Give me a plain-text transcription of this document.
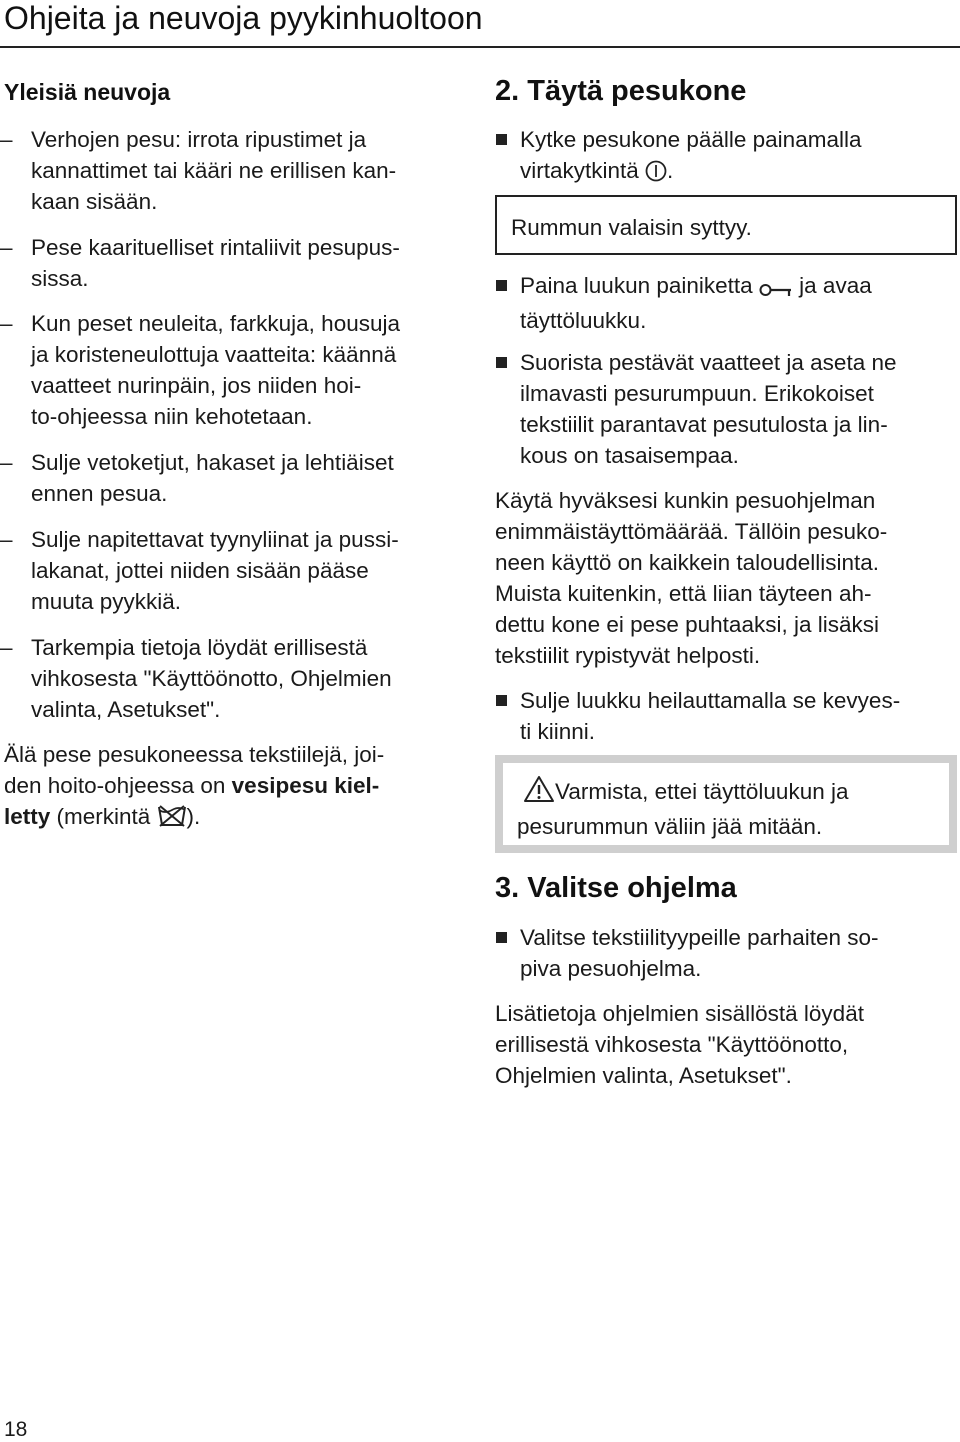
Ohjeita ja neuvoja pyykinhuoltoon
Yleisiä neuvoja
– Verhojen pesu: irrota ripustimet ja
kannattimet tai kääri ne erillisen kan-
kaan sisään.
– Pese kaarituelliset rintaliivit pesupus-
sissa.
– Kun peset neuleita, farkkuja, housuja
ja koristeneulottuja vaatteita: käännä
vaatteet nurinpäin, jos niiden hoi-
to-ohjeessa niin kehotetaan.
– Sulje vetoketjut, hakaset ja lehtiäiset
ennen pesua.
– Sulje napitettavat tyynyliinat ja pussi-
lakanat, jottei niiden sisään pääse
muuta pyykkiä.
– Tarkempia tietoja löydät erillisestä
vihkosesta "Käyttöönotto, Ohjelmien
valinta, Asetukset".
Älä pese pesukoneessa tekstiilejä, joi-
den hoito-ohjeessa on vesipesu kiel-
letty (merkintä ).
2. Täytä pesukone
Kytke pesukone päälle painamalla
virtakytkintä .
Rummun valaisin syttyy.
Paina luukun painiketta  ja avaa
täyttöluukku.
Suorista pestävät vaatteet ja aseta ne
ilmavasti pesurumpuun. Erikokoiset
tekstiilit parantavat pesutulosta ja lin-
kous on tasaisempaa.
Käytä hyväksesi kunkin pesuohjelman
enimmäistäyttömäärää. Tällöin pesuko-
neen käyttö on kaikkein taloudellisinta.
Muista kuitenkin, että liian täyteen ah-
dettu kone ei pese puhtaaksi, ja lisäksi
tekstiilit rypistyvät helposti.
Sulje luukku heilauttamalla se kevyes-
ti kiinni.
Varmista, ettei täyttöluukun ja
pesurummun väliin jää mitään.
3. Valitse ohjelma
Valitse tekstiilityypeille parhaiten so-
piva pesuohjelma.
Lisätietoja ohjelmien sisällöstä löydät
erillisestä vihkosesta "Käyttöönotto,
Ohjelmien valinta, Asetukset".
18
